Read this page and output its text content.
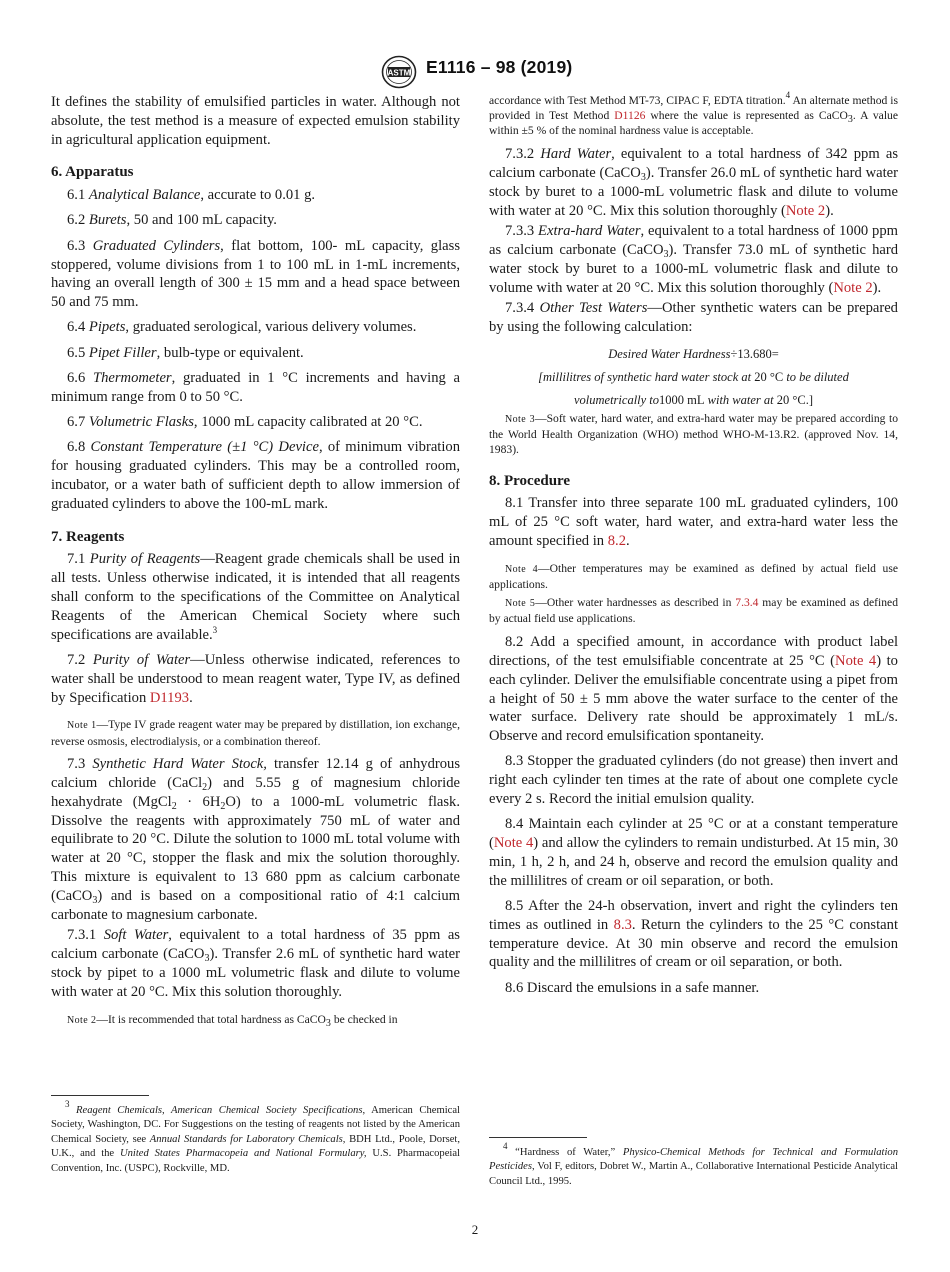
ASTM E1116 – 98 (2019)

It defines the stability of emulsified particles in water. Although not absolute, the test method is a measure of expected emulsion stability in agricultural application equipment.

6. Apparatus

6.1 Analytical Balance, accurate to 0.01 g.

6.2 Burets, 50 and 100 mL capacity.

6.3 Graduated Cylinders, flat bottom, 100- mL capacity, glass stoppered, volume divisions from 1 to 100 mL in 1-mL increments, having an overall length of 300 ± 15 mm and a head space between 50 and 75 mm.

6.4 Pipets, graduated serological, various delivery volumes.

6.5 Pipet Filler, bulb-type or equivalent.

6.6 Thermometer, graduated in 1 °C increments and having a minimum range from 0 to 50 °C.

6.7 Volumetric Flasks, 1000 mL capacity calibrated at 20 °C.

6.8 Constant Temperature (±1 °C) Device, of minimum vibration for housing graduated cylinders. This may be a controlled room, incubator, or a water bath of sufficient depth to allow immersion of graduated cylinders to above the 100-mL mark.

7. Reagents

7.1 Purity of Reagents—Reagent grade chemicals shall be used in all tests. Unless otherwise indicated, it is intended that all reagents shall conform to the specifications of the Committee on Analytical Reagents of the American Chemical Society where such specifications are available.$^3$

7.2 Purity of Water—Unless otherwise indicated, references to water shall be understood to mean reagent water, Type IV, as defined by Specification D1193.

Note 1—Type IV grade reagent water may be prepared by distillation, ion exchange, reverse osmosis, electrodialysis, or a combination thereof.

7.3 Synthetic Hard Water Stock, transfer 12.14 g of anhydrous calcium chloride (CaCl$_2$) and 5.55 g of magnesium chloride hexahydrate (MgCl$_2$ · $6H_2O$) to a 1000-mL volumetric flask. Dissolve the reagents with approximately 750 mL of water and equilibrate to 20 °C. Dilute the solution to 1000 mL total volume with water at 20 °C, stopper the flask and mix the solution thoroughly. This mixture is equivalent to 13 680 ppm as calcium carbonate (CaCO$_3$) and is based on a compositional ratio of 4:1 calcium carbonate to magnesium carbonate.

7.3.1 Soft Water, equivalent to a total hardness of 35 ppm as calcium carbonate (CaCO$_3$). Transfer 2.6 mL of synthetic hard water stock by pipet to a 1000 mL volumetric flask and dilute to volume with water at 20 °C. Mix this solution thoroughly.

Note 2—It is recommended that total hardness as CaCO$_3$ be checked in

$^3$ Reagent Chemicals, American Chemical Society Specifications, American Chemical Society, Washington, DC. For Suggestions on the testing of reagents not listed by the American Chemical Society, see Annual Standards for Laboratory Chemicals, BDH Ltd., Poole, Dorset, U.K., and the United States Pharmacopeia and National Formulary, U.S. Pharmacopeial Convention, Inc. (USPC), Rockville, MD.

accordance with Test Method MT-73, CIPAC F, EDTA titration.$^4$ An alternate method is provided in Test Method D1126 where the value is represented as CaCO$_3$. A value within ±5 % of the nominal hardness value is acceptable.

7.3.2 Hard Water, equivalent to a total hardness of 342 ppm as calcium carbonate (CaCO$_3$). Transfer 26.0 mL of synthetic hard water stock by buret to a 1000-mL volumetric flask and dilute to volume with water at 20 °C. Mix this solution thoroughly (Note 2).

7.3.3 Extra-hard Water, equivalent to a total hardness of 1000 ppm as calcium carbonate (CaCO$_3$). Transfer 73.0 mL of synthetic hard water stock by buret to a 1000-mL volumetric flask and dilute to volume with water at 20 °C. Mix this solution thoroughly (Note 2).

7.3.4 Other Test Waters—Other synthetic waters can be prepared by using the following calculation:

Desired Water Hardness÷13.680=

[millilitres of synthetic hard water stock at 20 °C to be diluted

volumetrically to1000 mL with water at 20 °C.]

Note 3—Soft water, hard water, and extra-hard water may be prepared according to the World Health Organization (WHO) method WHO-M-13.R2. (approved Nov. 14, 1983).

8. Procedure

8.1 Transfer into three separate 100 mL graduated cylinders, 100 mL of 25 °C soft water, hard water, and extra-hard water less the amount specified in 8.2.

Note 4—Other temperatures may be examined as defined by actual field use applications.

Note 5—Other water hardnesses as described in 7.3.4 may be examined as defined by actual field use applications.

8.2 Add a specified amount, in accordance with product label directions, of the test emulsifiable concentrate at 25 °C (Note 4) to each cylinder. Deliver the emulsifiable concentrate using a pipet from a height of 50 ± 5 mm above the water surface to the center of the water surface. Delivery rate should be approximately 1 mL/s. Observe and record emulsification spontaneity.

8.3 Stopper the graduated cylinders (do not grease) then invert and right each cylinder ten times at the rate of about one complete cycle every 2 s. Record the initial emulsion quality.

8.4 Maintain each cylinder at 25 °C or at a constant temperature (Note 4) and allow the cylinders to remain undisturbed. At 15 min, 30 min, 1 h, 2 h, and 24 h, observe and record the emulsion quality and the millilitres of cream or oil separation, or both.

8.5 After the 24-h observation, invert and right the cylinders ten times as outlined in 8.3. Return the cylinders to the 25 °C constant temperature device. At 30 min observe and record the emulsion quality and the millilitres of cream or oil separation, or both.

8.6 Discard the emulsions in a safe manner.

$^4$ “Hardness of Water,” Physico-Chemical Methods for Technical and Formulation Pesticides, Vol F, editors, Dobret W., Martin A., Collaborative International Pesticide Analytical Council Ltd., 1995.

2
